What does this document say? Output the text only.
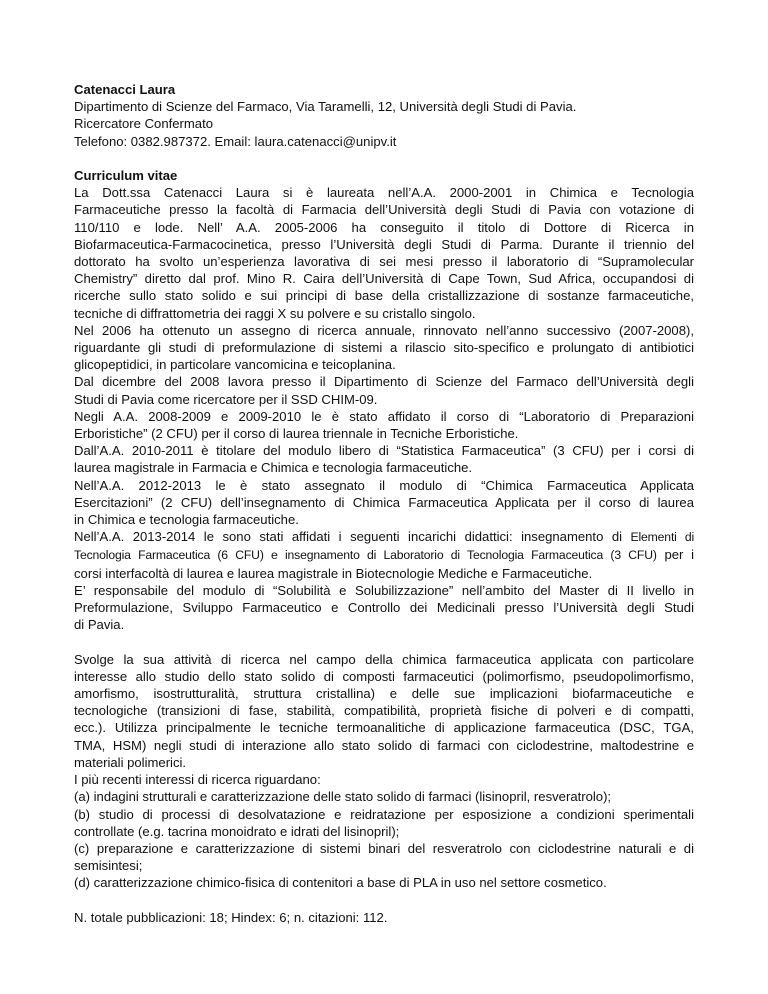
Catenacci Laura
Dipartimento di Scienze del Farmaco, Via Taramelli, 12, Università degli Studi di Pavia.
Ricercatore Confermato
Telefono: 0382.987372. Email: laura.catenacci@unipv.it
Curriculum vitae
La Dott.ssa Catenacci Laura si è laureata nell’A.A. 2000-2001 in Chimica e Tecnologia
Farmaceutiche presso la facoltà di Farmacia dell’Università degli Studi di Pavia con votazione di
110/110 e lode. Nell’ A.A. 2005-2006 ha conseguito il titolo di Dottore di Ricerca in
Biofarmaceutica-Farmacocinetica, presso l’Università degli Studi di Parma. Durante il triennio del
dottorato ha svolto un’esperienza lavorativa di sei mesi presso il laboratorio di “Supramolecular
Chemistry” diretto dal prof. Mino R. Caira dell’Università di Cape Town, Sud Africa, occupandosi di
ricerche sullo stato solido e sui principi di base della cristallizzazione di sostanze farmaceutiche,
tecniche di diffrattometria dei raggi X su polvere e su cristallo singolo.
Nel 2006 ha ottenuto un assegno di ricerca annuale, rinnovato nell’anno successivo (2007-2008),
riguardante gli studi di preformulazione di sistemi a rilascio sito-specifico e prolungato di antibiotici
glicopeptidici, in particolare vancomicina e teicoplanina.
Dal dicembre del 2008 lavora presso il Dipartimento di Scienze del Farmaco dell’Università degli
Studi di Pavia come ricercatore per il SSD CHIM-09.
Negli A.A. 2008-2009 e 2009-2010 le è stato affidato il corso di “Laboratorio di Preparazioni
Erboristiche” (2 CFU) per il corso di laurea triennale in Tecniche Erboristiche.
Dall’A.A. 2010-2011 è titolare del modulo libero di “Statistica Farmaceutica” (3 CFU) per i corsi di
laurea magistrale in Farmacia e Chimica e tecnologia farmaceutiche.
Nell’A.A. 2012-2013 le è stato assegnato il modulo di “Chimica Farmaceutica Applicata
Esercitazioni” (2 CFU) dell’insegnamento di Chimica Farmaceutica Applicata per il corso di laurea
in Chimica e tecnologia farmaceutiche.
Nell’A.A. 2013-2014 le sono stati affidati i seguenti incarichi didattici: insegnamento di Elementi di
Tecnologia Farmaceutica (6 CFU) e insegnamento di Laboratorio di Tecnologia Farmaceutica (3 CFU) per i
corsi interfacoltà di laurea e laurea magistrale in Biotecnologie Mediche e Farmaceutiche.
E’ responsabile del modulo di “Solubilità e Solubilizzazione” nell’ambito del Master di II livello in
Preformulazione, Sviluppo Farmaceutico e Controllo dei Medicinali presso l’Università degli Studi
di Pavia.
Svolge la sua attività di ricerca nel campo della chimica farmaceutica applicata con particolare
interesse allo studio dello stato solido di composti farmaceutici (polimorfismo, pseudopolimorfismo,
amorfismo, isostrutturalità, struttura cristallina) e delle sue implicazioni biofarmaceutiche e
tecnologiche (transizioni di fase, stabilità, compatibilità, proprietà fisiche di polveri e di compatti,
ecc.). Utilizza principalmente le tecniche termoanalitiche di applicazione farmaceutica (DSC, TGA,
TMA, HSM) negli studi di interazione allo stato solido di farmaci con ciclodestrine, maltodestrine e
materiali polimerici.
I più recenti interessi di ricerca riguardano:
(a) indagini strutturali e caratterizzazione delle stato solido di farmaci (lisinopril, resveratrolo);
(b) studio di processi di desolvatazione e reidratazione per esposizione a condizioni sperimentali
controllate (e.g. tacrina monoidrato e idrati del lisinopril);
(c) preparazione e caratterizzazione di sistemi binari del resveratrolo con ciclodestrine naturali e di
semisintesi;
(d) caratterizzazione chimico-fisica di contenitori a base di PLA in uso nel settore cosmetico.
N. totale pubblicazioni: 18; Hindex: 6; n. citazioni: 112.
